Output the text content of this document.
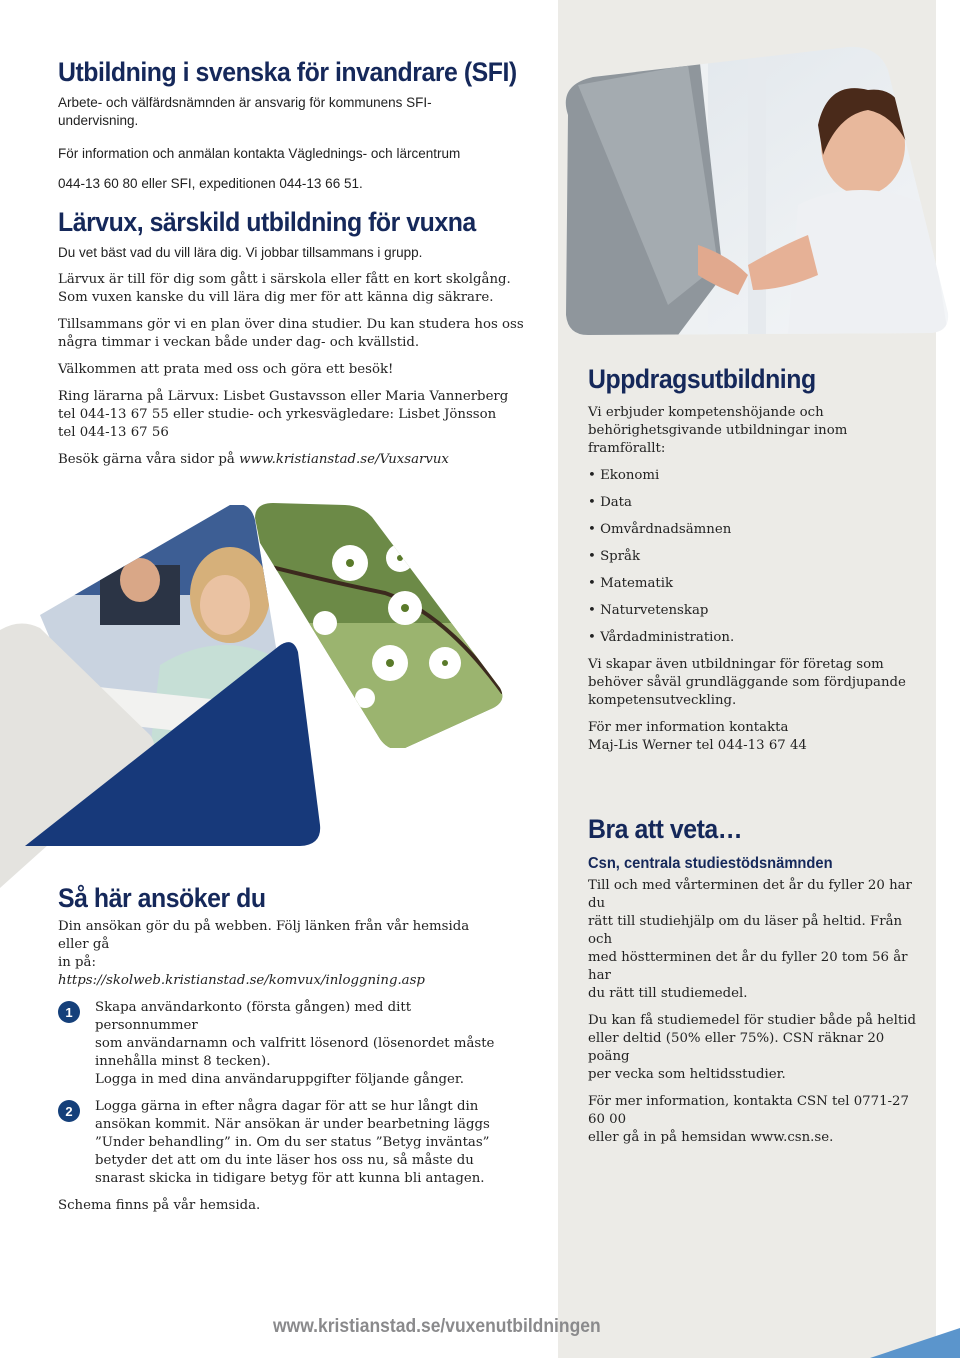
Utbildning i svenska för invandrare (SFI)

Arbete- och välfärdsnämnden är ansvarig för kommunens SFI-

undervisning.

För information och anmälan kontakta Väglednings- och lärcentrum

044-13 60 80 eller SFI, expeditionen 044-13 66 51.

Lärvux, särskild utbildning för vuxna

Du vet bäst vad du vill lära dig. Vi jobbar tillsammans i grupp.

Lärvux är till för dig som gått i särskola eller fått en kort skolgång.

Som vuxen kanske du vill lära dig mer för att känna dig säkrare.

Tillsammans gör vi en plan över dina studier. Du kan studera hos oss

några timmar i veckan både under dag- och kvällstid.

Välkommen att prata med oss och göra ett besök!

Ring lärarna på Lärvux: Lisbet Gustavsson eller Maria Vannerberg

tel 044-13 67 55 eller studie- och yrkesvägledare: Lisbet Jönsson

tel 044-13 67 56

Besök gärna våra sidor på www.kristianstad.se/Vuxsarvux

Uppdragsutbildning

Vi erbjuder kompetenshöjande och

behörighetsgivande utbildningar inom

framförallt:

• Ekonomi
• Data
• Omvårdnadsämnen
• Språk
• Matematik
• Naturvetenskap
• Vårdadministration.

Vi skapar även utbildningar för företag som

behöver såväl grundläggande som fördjupande

kompetensutveckling.

För mer information kontakta

Maj-Lis Werner tel 044-13 67 44

Bra att veta…
Csn, centrala studiestödsnämnden

Till och med vårterminen det år du fyller 20 har du

rätt till studiehjälp om du läser på heltid. Från och

med höstterminen det år du fyller 20 tom 56 år har

du rätt till studiemedel.

Du kan få studiemedel för studier både på heltid

eller deltid (50% eller 75%). CSN räknar 20 poäng

per vecka som heltidsstudier.

För mer information, kontakta CSN tel 0771-27 60 00

eller gå in på hemsidan www.csn.se.

Så här ansöker du

Din ansökan gör du på webben. Följ länken från vår hemsida eller gå

in på:

https://skolweb.kristianstad.se/komvux/inloggning.asp

1	Skapa användarkonto (första gången) med ditt personnummer

som användarnamn och valfritt lösenord (lösenordet måste

innehålla minst 8 tecken).

Logga in med dina användaruppgifter följande gånger.

2	Logga gärna in efter några dagar för att se hur långt din

ansökan kommit. När ansökan är under bearbetning läggs

”Under behandling” in. Om du ser status ”Betyg inväntas”

betyder det att om du inte läser hos oss nu, så måste du

snarast skicka in tidigare betyg för att kunna bli antagen.

Schema finns på vår hemsida.

www.kristianstad.se/vuxenutbildningen
